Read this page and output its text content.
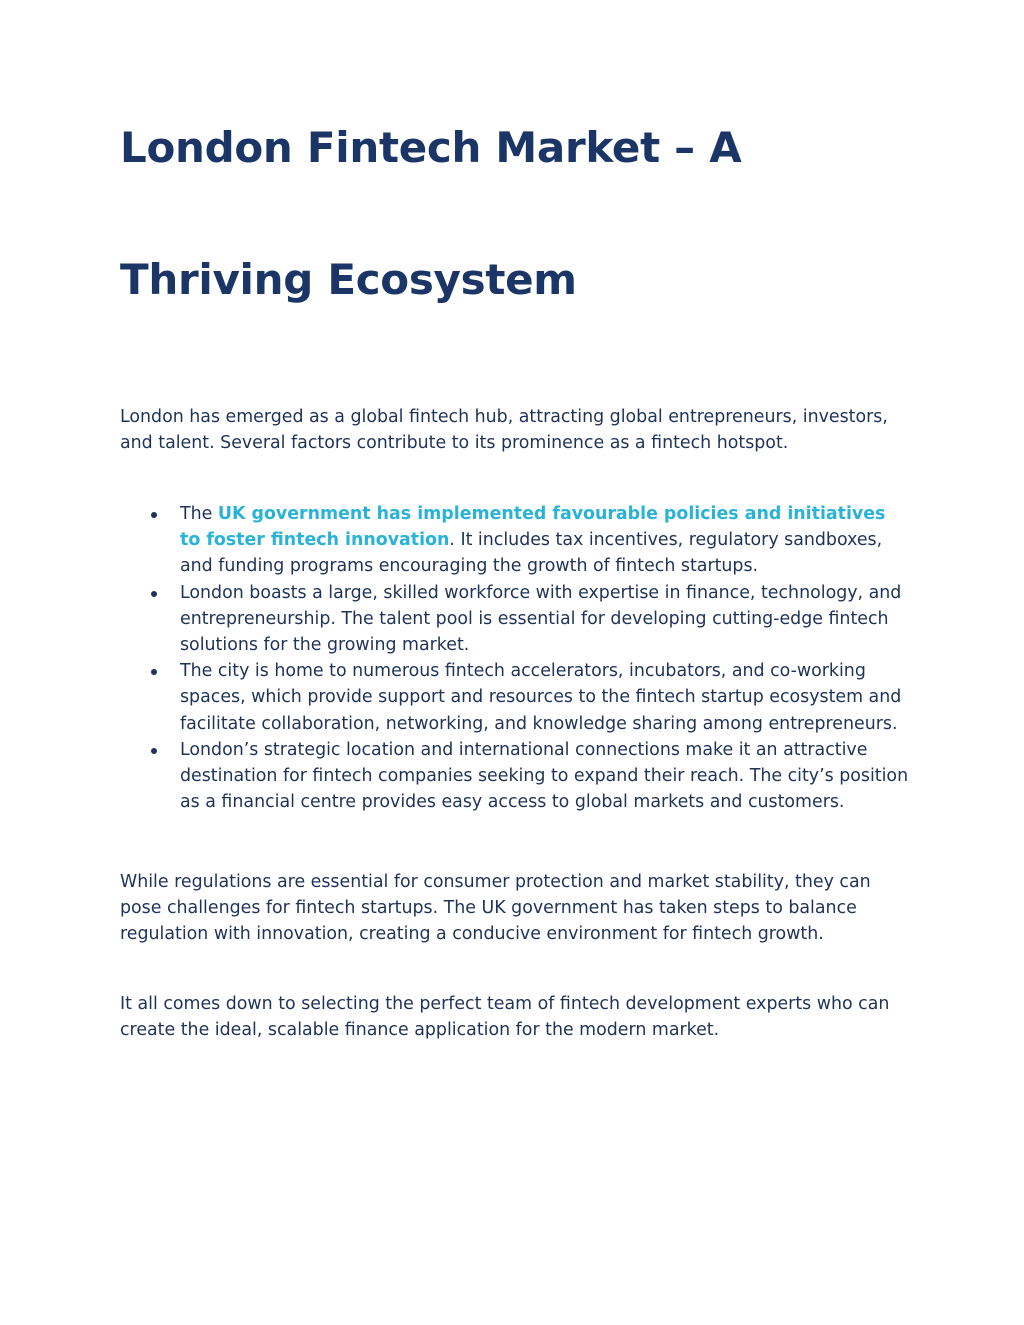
London Fintech Market – A
Thriving Ecosystem

London has emerged as a global fintech hub, attracting global entrepreneurs, investors, and talent. Several factors contribute to its prominence as a fintech hotspot.

The UK government has implemented favourable policies and initiatives to foster fintech innovation. It includes tax incentives, regulatory sandboxes, and funding programs encouraging the growth of fintech startups.
London boasts a large, skilled workforce with expertise in finance, technology, and entrepreneurship. The talent pool is essential for developing cutting-edge fintech solutions for the growing market.
The city is home to numerous fintech accelerators, incubators, and co-working spaces, which provide support and resources to the fintech startup ecosystem and facilitate collaboration, networking, and knowledge sharing among entrepreneurs.
London’s strategic location and international connections make it an attractive destination for fintech companies seeking to expand their reach. The city’s position as a financial centre provides easy access to global markets and customers.

While regulations are essential for consumer protection and market stability, they can pose challenges for fintech startups. The UK government has taken steps to balance regulation with innovation, creating a conducive environment for fintech growth.

It all comes down to selecting the perfect team of fintech development experts who can create the ideal, scalable finance application for the modern market.
